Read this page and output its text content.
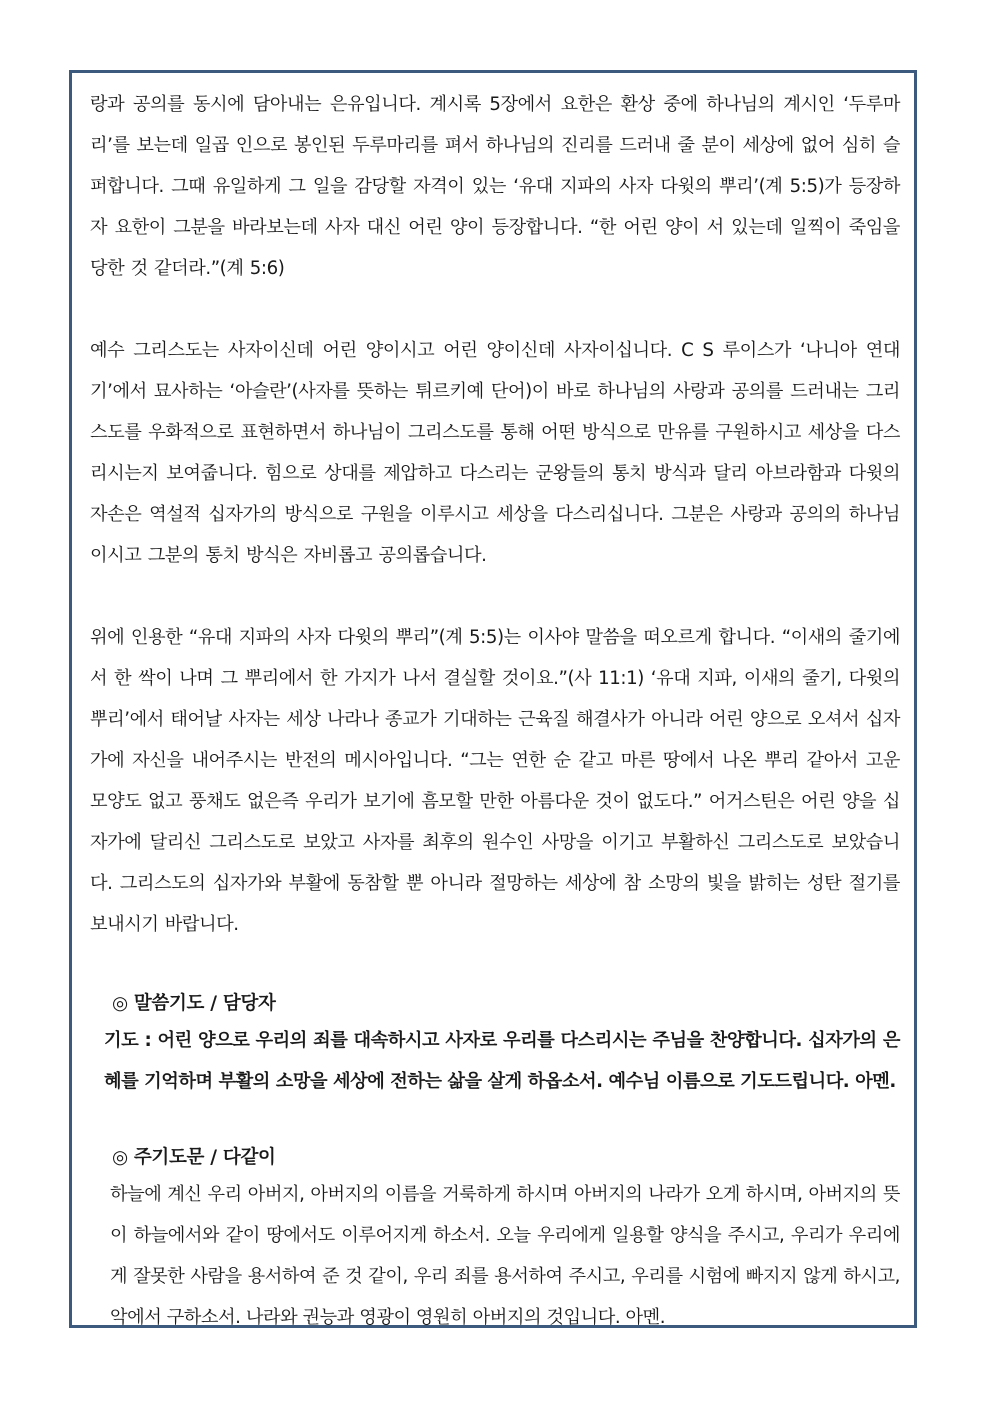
랑과 공의를 동시에 담아내는 은유입니다. 계시록 5장에서 요한은 환상 중에 하나님의 계시인 ‘두루마리’를 보는데 일곱 인으로 봉인된 두루마리를 펴서 하나님의 진리를 드러내 줄 분이 세상에 없어 심히 슬퍼합니다. 그때 유일하게 그 일을 감당할 자격이 있는 ‘유대 지파의 사자 다윗의 뿌리’(계 5:5)가 등장하자 요한이 그분을 바라보는데 사자 대신 어린 양이 등장합니다. “한 어린 양이 서 있는데 일찍이 죽임을 당한 것 같더라.”(계 5:6)

예수 그리스도는 사자이신데 어린 양이시고 어린 양이신데 사자이십니다. C S 루이스가 ‘나니아 연대기’에서 묘사하는 ‘아슬란’(사자를 뜻하는 튀르키예 단어)이 바로 하나님의 사랑과 공의를 드러내는 그리스도를 우화적으로 표현하면서 하나님이 그리스도를 통해 어떤 방식으로 만유를 구원하시고 세상을 다스리시는지 보여줍니다. 힘으로 상대를 제압하고 다스리는 군왕들의 통치 방식과 달리 아브라함과 다윗의 자손은 역설적 십자가의 방식으로 구원을 이루시고 세상을 다스리십니다. 그분은 사랑과 공의의 하나님이시고 그분의 통치 방식은 자비롭고 공의롭습니다.

위에 인용한 “유대 지파의 사자 다윗의 뿌리”(계 5:5)는 이사야 말씀을 떠오르게 합니다. “이새의 줄기에서 한 싹이 나며 그 뿌리에서 한 가지가 나서 결실할 것이요.”(사 11:1) ‘유대 지파, 이새의 줄기, 다윗의 뿌리’에서 태어날 사자는 세상 나라나 종교가 기대하는 근육질 해결사가 아니라 어린 양으로 오셔서 십자가에 자신을 내어주시는 반전의 메시아입니다. “그는 연한 순 같고 마른 땅에서 나온 뿌리 같아서 고운 모양도 없고 풍채도 없은즉 우리가 보기에 흠모할 만한 아름다운 것이 없도다.” 어거스틴은 어린 양을 십자가에 달리신 그리스도로 보았고 사자를 최후의 원수인 사망을 이기고 부활하신 그리스도로 보았습니다. 그리스도의 십자가와 부활에 동참할 뿐 아니라 절망하는 세상에 참 소망의 빛을 밝히는 성탄 절기를 보내시기 바랍니다.

◎ 말씀기도 / 담당자

기도 : 어린 양으로 우리의 죄를 대속하시고 사자로 우리를 다스리시는 주님을 찬양합니다. 십자가의 은혜를 기억하며 부활의 소망을 세상에 전하는 삶을 살게 하옵소서. 예수님 이름으로 기도드립니다. 아멘.

◎ 주기도문 / 다같이

하늘에 계신 우리 아버지, 아버지의 이름을 거룩하게 하시며 아버지의 나라가 오게 하시며, 아버지의 뜻이 하늘에서와 같이 땅에서도 이루어지게 하소서. 오늘 우리에게 일용할 양식을 주시고, 우리가 우리에게 잘못한 사람을 용서하여 준 것 같이, 우리 죄를 용서하여 주시고, 우리를 시험에 빠지지 않게 하시고, 악에서 구하소서. 나라와 권능과 영광이 영원히 아버지의 것입니다. 아멘.
